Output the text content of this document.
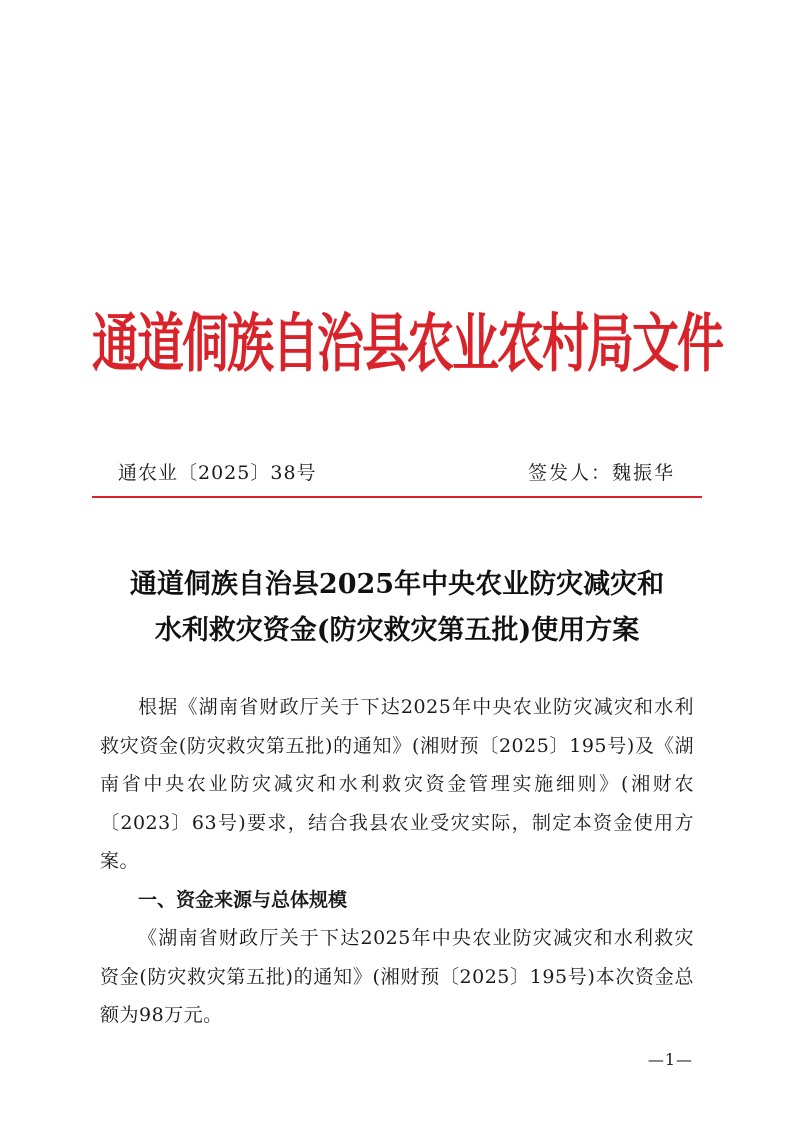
通道侗族自治县农业农村局文件
通农业〔2025〕38号	签发人：魏振华
通道侗族自治县2025年中央农业防灾减灾和
水利救灾资金(防灾救灾第五批)使用方案

根据《湖南省财政厅关于下达2025年中央农业防灾减灾和水利救灾资金(防灾救灾第五批)的通知》(湘财预〔2025〕195号)及《湖南省中央农业防灾减灾和水利救灾资金管理实施细则》(湘财农〔2023〕63号)要求，结合我县农业受灾实际，制定本资金使用方案。

一、资金来源与总体规模

《湖南省财政厅关于下达2025年中央农业防灾减灾和水利救灾资金(防灾救灾第五批)的通知》(湘财预〔2025〕195号)本次资金总额为98万元。

—1—
